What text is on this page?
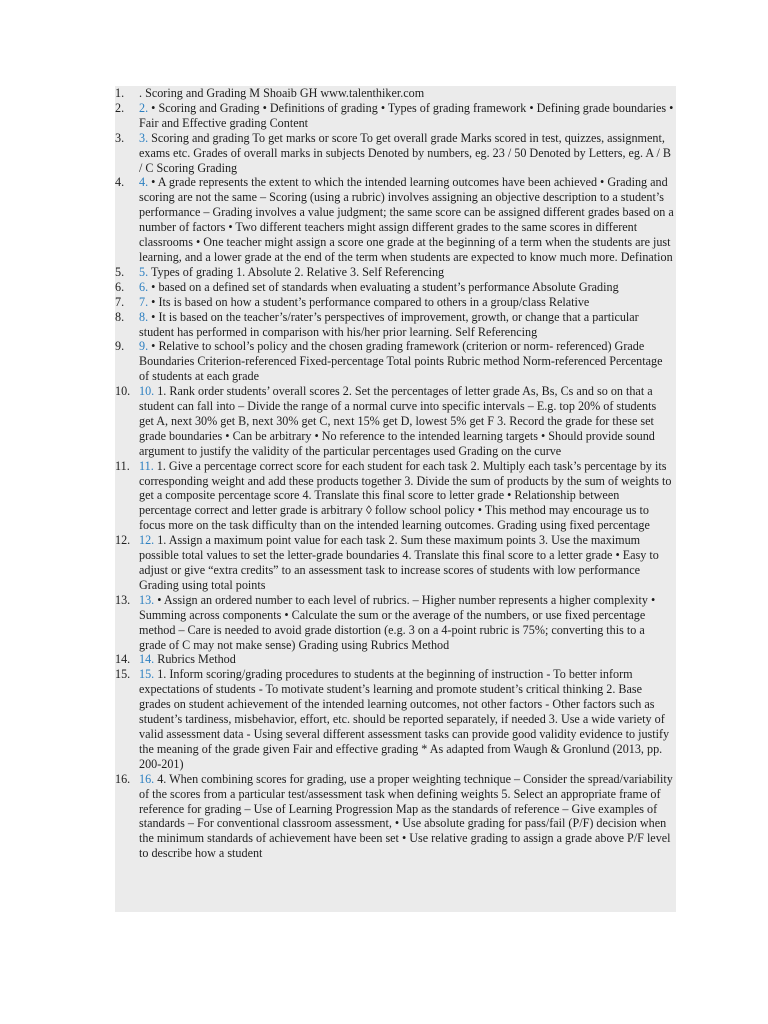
1.	. Scoring and Grading M Shoaib GH www.talenthiker.com
2.	2. • Scoring and Grading • Definitions of grading • Types of grading framework • Defining grade boundaries • Fair and Effective grading Content
3.	3. Scoring and grading To get marks or score To get overall grade Marks scored in test, quizzes, assignment, exams etc. Grades of overall marks in subjects Denoted by numbers, eg. 23 / 50 Denoted by Letters, eg. A / B / C Scoring Grading
4.	4. • A grade represents the extent to which the intended learning outcomes have been achieved • Grading and scoring are not the same – Scoring (using a rubric) involves assigning an objective description to a student’s performance – Grading involves a value judgment; the same score can be assigned different grades based on a number of factors • Two different teachers might assign different grades to the same scores in different classrooms • One teacher might assign a score one grade at the beginning of a term when the students are just learning, and a lower grade at the end of the term when students are expected to know much more. Defination
5.	5. Types of grading 1. Absolute 2. Relative 3. Self Referencing
6.	6. • based on a defined set of standards when evaluating a student’s performance Absolute Grading
7.	7. • Its is based on how a student’s performance compared to others in a group/class Relative
8.	8. • It is based on the teacher’s/rater’s perspectives of improvement, growth, or change that a particular student has performed in comparison with his/her prior learning. Self Referencing
9.	9. • Relative to school’s policy and the chosen grading framework (criterion or norm- referenced) Grade Boundaries Criterion-referenced Fixed-percentage Total points Rubric method Norm-referenced Percentage of students at each grade
10. 10. 1. Rank order students’ overall scores 2. Set the percentages of letter grade As, Bs, Cs and so on that a student can fall into – Divide the range of a normal curve into specific intervals – E.g. top 20% of students get A, next 30% get B, next 30% get C, next 15% get D, lowest 5% get F 3. Record the grade for these set grade boundaries • Can be arbitrary • No reference to the intended learning targets • Should provide sound argument to justify the validity of the particular percentages used Grading on the curve
11. 11. 1. Give a percentage correct score for each student for each task 2. Multiply each task’s percentage by its corresponding weight and add these products together 3. Divide the sum of products by the sum of weights to get a composite percentage score 4. Translate this final score to letter grade • Relationship between percentage correct and letter grade is arbitrary ◊ follow school policy • This method may encourage us to focus more on the task difficulty than on the intended learning outcomes. Grading using fixed percentage
12. 12. 1. Assign a maximum point value for each task 2. Sum these maximum points 3. Use the maximum possible total values to set the letter-grade boundaries 4. Translate this final score to a letter grade • Easy to adjust or give “extra credits” to an assessment task to increase scores of students with low performance Grading using total points
13. 13. • Assign an ordered number to each level of rubrics. – Higher number represents a higher complexity • Summing across components • Calculate the sum or the average of the numbers, or use fixed percentage method – Care is needed to avoid grade distortion (e.g. 3 on a 4-point rubric is 75%; converting this to a grade of C may not make sense) Grading using Rubrics Method
14. 14. Rubrics Method
15. 15. 1. Inform scoring/grading procedures to students at the beginning of instruction - To better inform expectations of students - To motivate student’s learning and promote student’s critical thinking 2. Base grades on student achievement of the intended learning outcomes, not other factors - Other factors such as student’s tardiness, misbehavior, effort, etc. should be reported separately, if needed 3. Use a wide variety of valid assessment data - Using several different assessment tasks can provide good validity evidence to justify the meaning of the grade given Fair and effective grading * As adapted from Waugh & Gronlund (2013, pp. 200-201)
16. 16. 4. When combining scores for grading, use a proper weighting technique – Consider the spread/variability of the scores from a particular test/assessment task when defining weights 5. Select an appropriate frame of reference for grading – Use of Learning Progression Map as the standards of reference – Give examples of standards – For conventional classroom assessment, • Use absolute grading for pass/fail (P/F) decision when the minimum standards of achievement have been set • Use relative grading to assign a grade above P/F level to describe how a student
